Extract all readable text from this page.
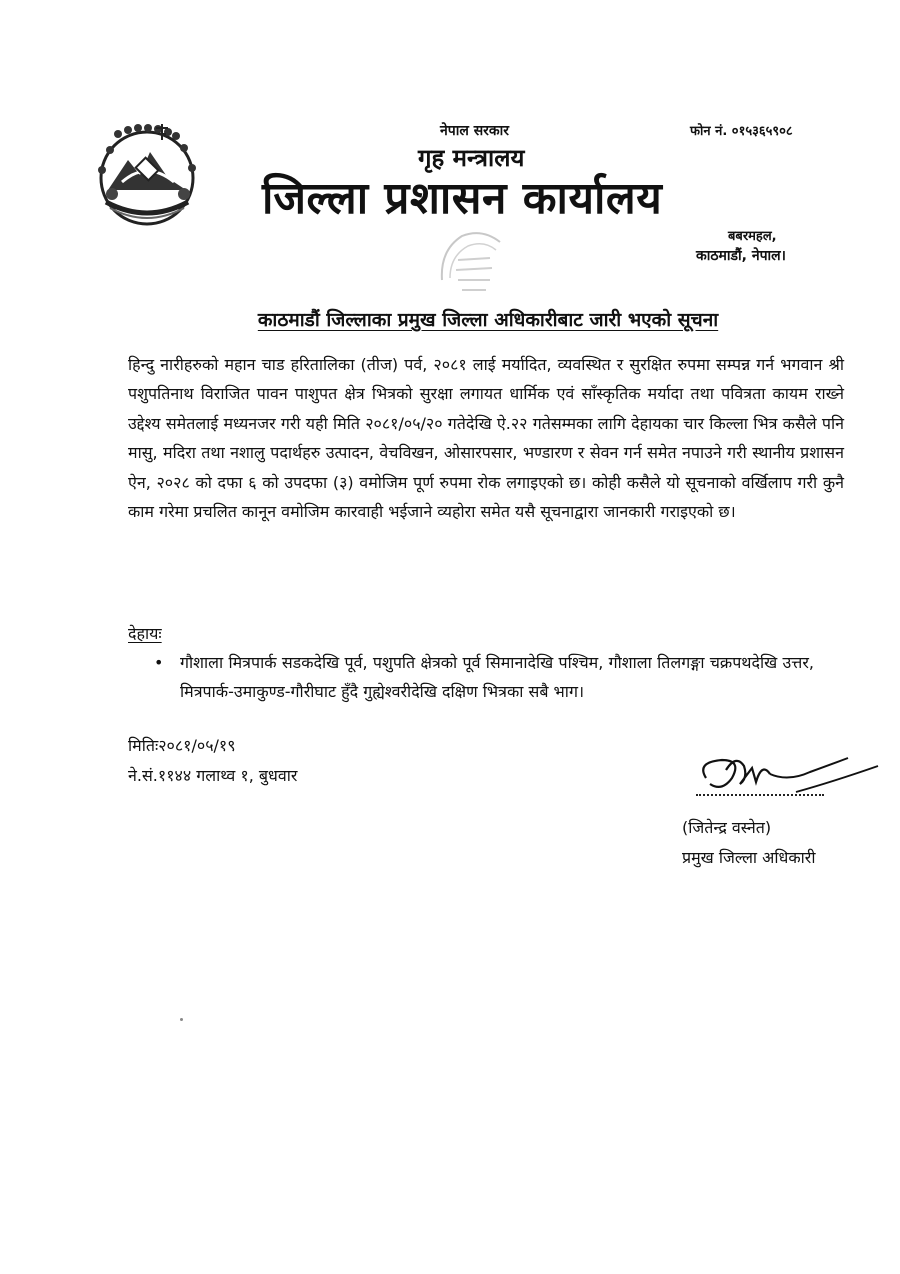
नेपाल सरकार	फोन नं. ०१५३६५९०८
गृह मन्त्रालय
जिल्ला प्रशासन कार्यालय
बबरमहल,
काठमाडौं, नेपाल।
काठमाडौं जिल्लाका प्रमुख जिल्ला अधिकारीबाट जारी भएको सूचना

हिन्दु नारीहरुको महान चाड हरितालिका (तीज) पर्व, २०८१ लाई मर्यादित, व्यवस्थित र सुरक्षित रुपमा सम्पन्न गर्न भगवान श्री पशुपतिनाथ विराजित पावन पाशुपत क्षेत्र भित्रको सुरक्षा लगायत धार्मिक एवं साँस्कृतिक मर्यादा तथा पवित्रता कायम राख्ने उद्देश्य समेतलाई मध्यनजर गरी यही मिति २०८१/०५/२० गतेदेखि ऐ.२२ गतेसम्मका लागि देहायका चार किल्ला भित्र कसैले पनि मासु, मदिरा तथा नशालु पदार्थहरु उत्पादन, वेचविखन, ओसारपसार, भण्डारण र सेवन गर्न समेत नपाउने गरी स्थानीय प्रशासन ऐन, २०२८ को दफा ६ को उपदफा (३) वमोजिम पूर्ण रुपमा रोक लगाइएको छ। कोही कसैले यो सूचनाको वर्खिलाप गरी कुनै काम गरेमा प्रचलित कानून वमोजिम कारवाही भईजाने व्यहोरा समेत यसै सूचनाद्वारा जानकारी गराइएको छ।

देहायः
• गौशाला मित्रपार्क सडकदेखि पूर्व, पशुपति क्षेत्रको पूर्व सिमानादेखि पश्चिम, गौशाला तिलगङ्गा चक्रपथदेखि उत्तर, मित्रपार्क-उमाकुण्ड-गौरीघाट हुँदै गुह्येश्वरीदेखि दक्षिण भित्रका सबै भाग।
मितिः२०८१/०५/१९
ने.सं.११४४ गलाथ्व १, बुधवार
(जितेन्द्र वस्नेत)
प्रमुख जिल्ला अधिकारी
